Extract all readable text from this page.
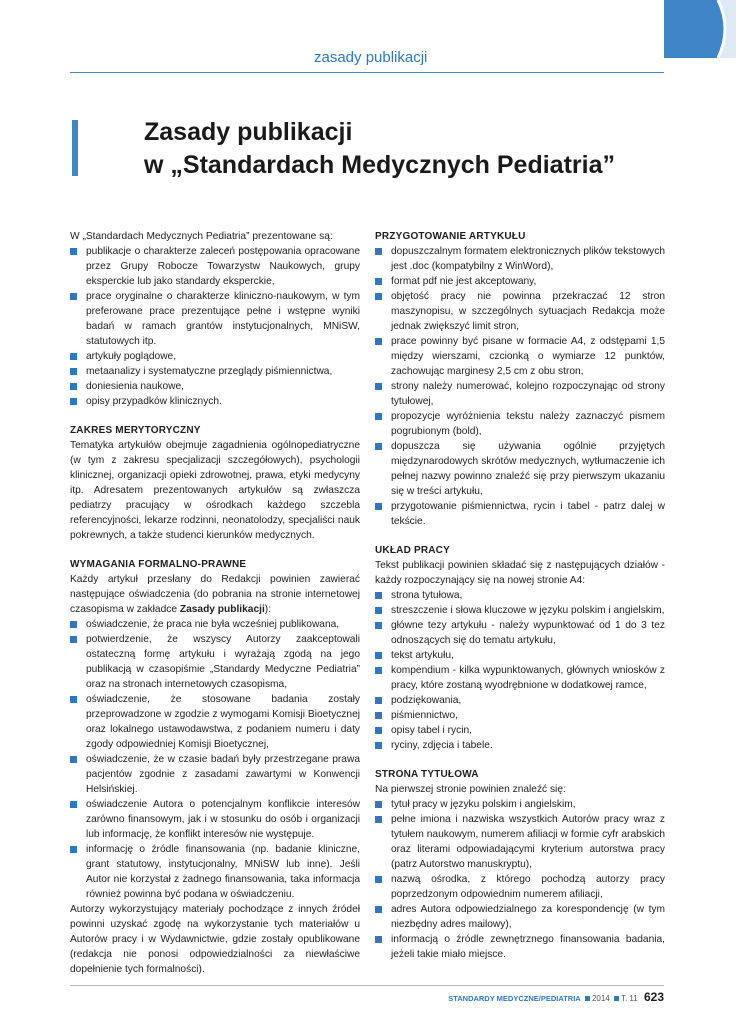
zasady publikacji
Zasady publikacji
w „Standardach Medycznych Pediatria”

W „Standardach Medycznych Pediatria” prezentowane są:

publikacje o charakterze zaleceń postępowania opracowane przez Grupy Robocze Towarzystw Naukowych, grupy eksperckie lub jako standardy eksperckie,
prace oryginalne o charakterze kliniczno-naukowym, w tym preferowane prace prezentujące pełne i wstępne wyniki badań w ramach grantów instytucjonalnych, MNiSW, statutowych itp.
artykuły poglądowe,
metaanalizy i systematyczne przeglądy piśmiennictwa,
doniesienia naukowe,
opisy przypadków klinicznych.

ZAKRES MERYTORYCZNY

Tematyka artykułów obejmuje zagadnienia ogólnopediatryczne (w tym z zakresu specjalizacji szczegółowych), psychologii klinicznej, organizacji opieki zdrowotnej, prawa, etyki medycyny itp. Adresatem prezentowanych artykułów są zwłaszcza pediatrzy pracujący w ośrodkach każdego szczebla referencyjności, lekarze rodzinni, neonatolodzy, specjaliści nauk pokrewnych, a także studenci kierunków medycznych.

WYMAGANIA FORMALNO-PRAWNE

Każdy artykuł przesłany do Redakcji powinien zawierać następujące oświadczenia (do pobrania na stronie internetowej czasopisma w zakładce Zasady publikacji):

oświadczenie, że praca nie była wcześniej publikowana,
potwierdzenie, że wszyscy Autorzy zaakceptowali ostateczną formę artykułu i wyrażają zgodą na jego publikacją w czasopiśmie „Standardy Medyczne Pediatria” oraz na stronach internetowych czasopisma,
oświadczenie, że stosowane badania zostały przeprowadzone w zgodzie z wymogami Komisji Bioetycznej oraz lokalnego ustawodawstwa, z podaniem numeru i daty zgody odpowiedniej Komisji Bioetycznej,
oświadczenie, że w czasie badań były przestrzegane prawa pacjentów zgodnie z zasadami zawartymi w Konwencji Helsińskiej.
oświadczenie Autora o potencjalnym konflikcie interesów zarówno finansowym, jak i w stosunku do osób i organizacji lub informację, że konflikt interesów nie występuje.
informację o źródle finansowania (np. badanie kliniczne, grant statutowy, instytucjonalny, MNiSW lub inne). Jeśli Autor nie korzystał z żadnego finansowania, taka informacja również powinna być podana w oświadczeniu.

Autorzy wykorzystujący materiały pochodzące z innych źródeł powinni uzyskać zgodę na wykorzystanie tych materiałów u Autorów pracy i w Wydawnictwie, gdzie zostały opublikowane (redakcja nie ponosi odpowiedzialności za niewłaściwe dopełnienie tych formalności).

PRZYGOTOWANIE ARTYKUŁU

dopuszczalnym formatem elektronicznych plików tekstowych jest .doc (kompatybilny z WinWord),
format pdf nie jest akceptowany,
objętość pracy nie powinna przekraczać 12 stron maszynopisu, w szczególnych sytuacjach Redakcja może jednak zwiększyć limit stron,
prace powinny być pisane w formacie A4, z odstępami 1,5 między wierszami, czcionką o wymiarze 12 punktów, zachowując marginesy 2,5 cm z obu stron,
strony należy numerować, kolejno rozpoczynając od strony tytułowej,
propozycje wyróżnienia tekstu należy zaznaczyć pismem pogrubionym (bold),
dopuszcza się używania ogólnie przyjętych międzynarodowych skrótów medycznych, wytłumaczenie ich pełnej nazwy powinno znaleźć się przy pierwszym ukazaniu się w treści artykułu,
przygotowanie piśmiennictwa, rycin i tabel - patrz dalej w tekście.

UKŁAD PRACY

Tekst publikacji powinien składać się z następujących działów - każdy rozpoczynający się na nowej stronie A4:

strona tytułowa,
streszczenie i słowa kluczowe w języku polskim i angielskim,
główne tezy artykułu - należy wypunktować od 1 do 3 tez odnoszących się do tematu artykułu,
tekst artykułu,
kompendium - kilka wypunktowanych, głównych wniosków z pracy, które zostaną wyodrębnione w dodatkowej ramce,
podziękowania,
piśmiennictwo,
opisy tabel i rycin,
ryciny, zdjęcia i tabele.

STRONA TYTUŁOWA

Na pierwszej stronie powinien znaleźć się:

tytuł pracy w języku polskim i angielskim,
pełne imiona i nazwiska wszystkich Autorów pracy wraz z tytułem naukowym, numerem afiliacji w formie cyfr arabskich oraz literami odpowiadającymi kryterium autorstwa pracy (patrz Autorstwo manuskryptu),
nazwą ośrodka, z którego pochodzą autorzy pracy poprzedzonym odpowiednim numerem afiliacji,
adres Autora odpowiedzialnego za korespondencję (w tym niezbędny adres mailowy),
informacją o źródle zewnętrznego finansowania badania, jeżeli takie miało miejsce.
STANDARDY MEDYCZNE/PEDIATRIA 2014 T. 11 623
